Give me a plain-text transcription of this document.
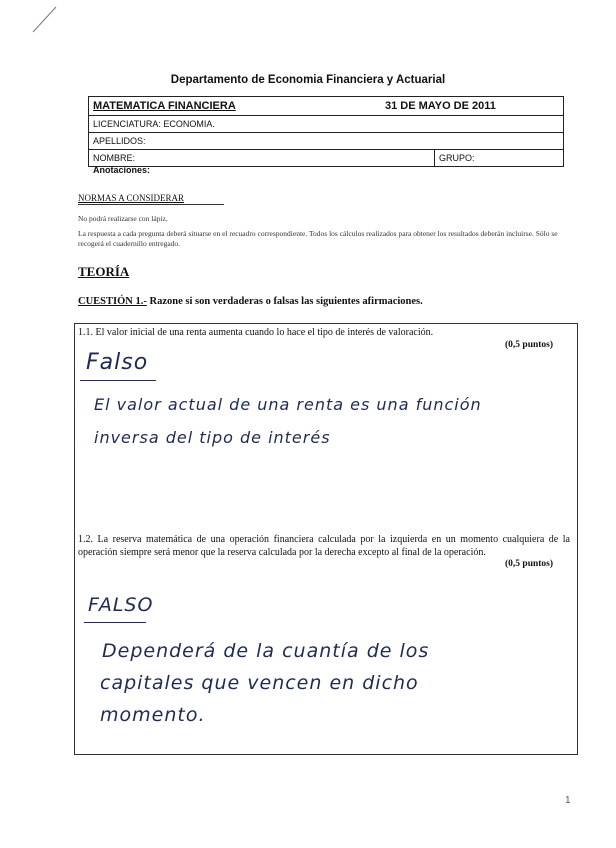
Departamento de Economia Financiera y Actuarial
MATEMATICA FINANCIERA	31 DE MAYO DE 2011
LICENCIATURA: ECONOMIA.
APELLIDOS:
NOMBRE:	GRUPO:
Anotaciones:
NORMAS A CONSIDERAR
No podrá realizarse con lápiz.
La respuesta a cada pregunta deberá situarse en el recuadro correspondiente. Todos los cálculos realizados para obtener los resultados deberán incluirse. Sólo se recogerá el cuadernillo entregado.
TEORÍA
CUESTIÓN 1.- Razone si son verdaderas o falsas las siguientes afirmaciones.
1.1. El valor inicial de una renta aumenta cuando lo hace el tipo de interés de valoración.
(0,5 puntos)
Falso
El valor actual de una renta es una función
inversa del tipo de interés
1.2. La reserva matemática de una operación financiera calculada por la izquierda en un momento cualquiera de la operación siempre será menor que la reserva calculada por la derecha excepto al final de la operación.
(0,5 puntos)
FALSO
Dependerá de la cuantía de los
capitales que vencen en dicho
momento.
1
